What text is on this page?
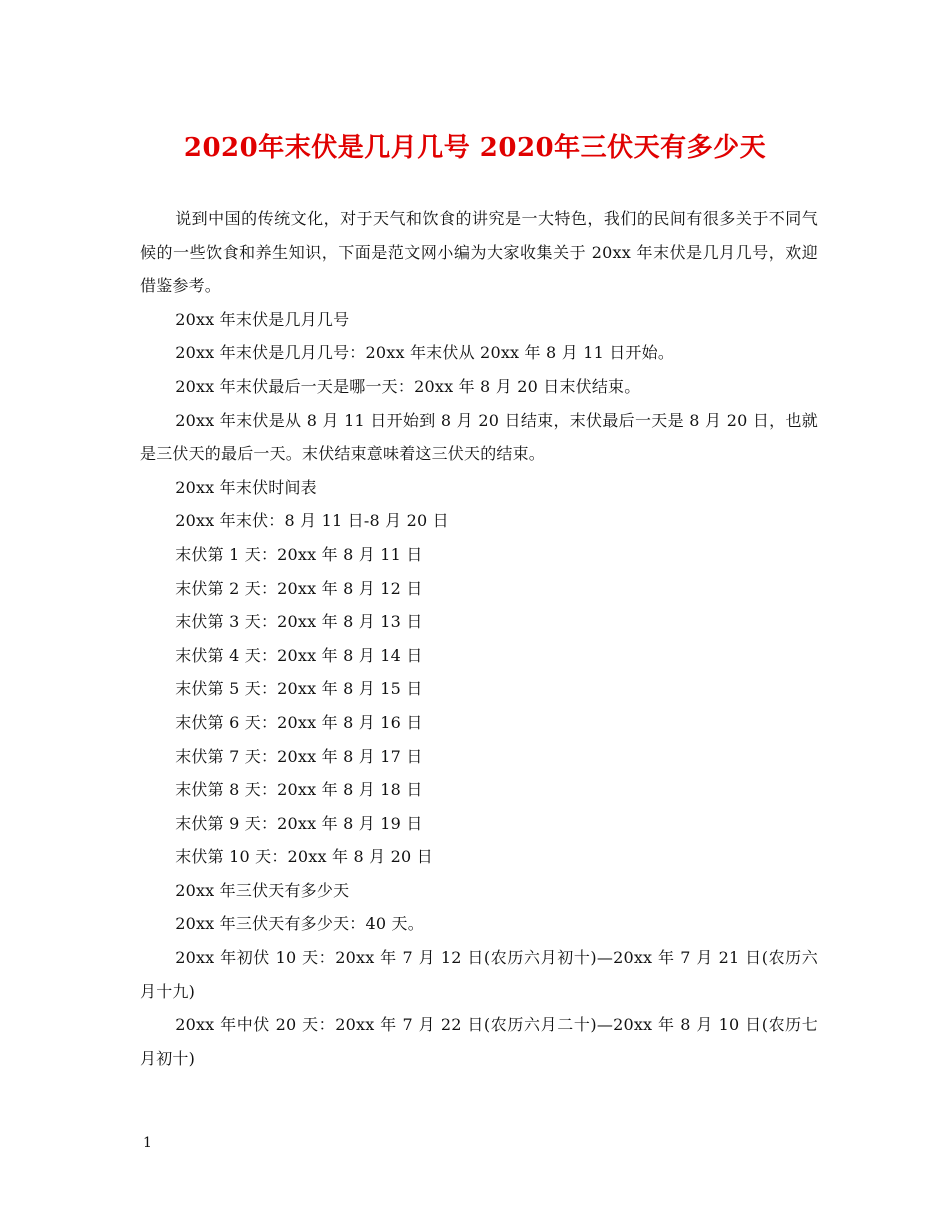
2020年末伏是几月几号 2020年三伏天有多少天

说到中国的传统文化，对于天气和饮食的讲究是一大特色，我们的民间有很多关于不同气候的一些饮食和养生知识，下面是范文网小编为大家收集关于 20xx 年末伏是几月几号，欢迎借鉴参考。

20xx 年末伏是几月几号

20xx 年末伏是几月几号：20xx 年末伏从 20xx 年 8 月 11 日开始。

20xx 年末伏最后一天是哪一天：20xx 年 8 月 20 日末伏结束。

20xx 年末伏是从 8 月 11 日开始到 8 月 20 日结束，末伏最后一天是 8 月 20 日，也就是三伏天的最后一天。末伏结束意味着这三伏天的结束。

20xx 年末伏时间表

20xx 年末伏：8 月 11 日-8 月 20 日

末伏第 1 天：20xx 年 8 月 11 日

末伏第 2 天：20xx 年 8 月 12 日

末伏第 3 天：20xx 年 8 月 13 日

末伏第 4 天：20xx 年 8 月 14 日

末伏第 5 天：20xx 年 8 月 15 日

末伏第 6 天：20xx 年 8 月 16 日

末伏第 7 天：20xx 年 8 月 17 日

末伏第 8 天：20xx 年 8 月 18 日

末伏第 9 天：20xx 年 8 月 19 日

末伏第 10 天：20xx 年 8 月 20 日

20xx 年三伏天有多少天

20xx 年三伏天有多少天：40 天。

20xx 年初伏 10 天：20xx 年 7 月 12 日(农历六月初十)—20xx 年 7 月 21 日(农历六月十九)

20xx 年中伏 20 天：20xx 年 7 月 22 日(农历六月二十)—20xx 年 8 月 10 日(农历七月初十)

1
